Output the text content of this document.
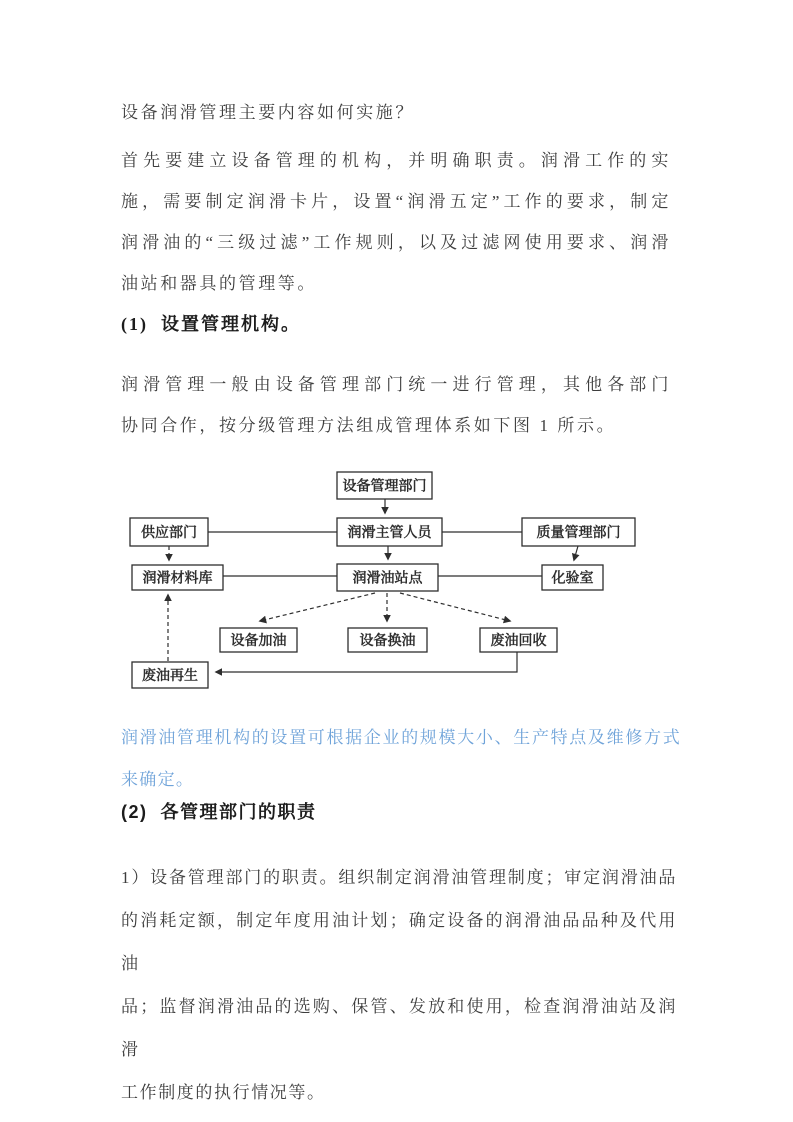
设备润滑管理主要内容如何实施？
首先要建立设备管理的机构，并明确职责。润滑工作的实
施，需要制定润滑卡片，设置“润滑五定”工作的要求，制定
润滑油的“三级过滤”工作规则，以及过滤网使用要求、润滑
油站和器具的管理等。
(1)  设置管理机构。
润滑管理一般由设备管理部门统一进行管理，其他各部门
协同合作，按分级管理方法组成管理体系如下图 1 所示。
设备管理部门
供应部门	润滑主管人员	质量管理部门
润滑材料库	润滑油站点	化验室
设备加油	设备换油	废油回收
废油再生
润滑油管理机构的设置可根据企业的规模大小、生产特点及维修方式
来确定。
(2)  各管理部门的职责
1）设备管理部门的职责。组织制定润滑油管理制度；审定润滑油品
的消耗定额，制定年度用油计划；确定设备的润滑油品品种及代用油
品；监督润滑油品的选购、保管、发放和使用，检查润滑油站及润滑
工作制度的执行情况等。
